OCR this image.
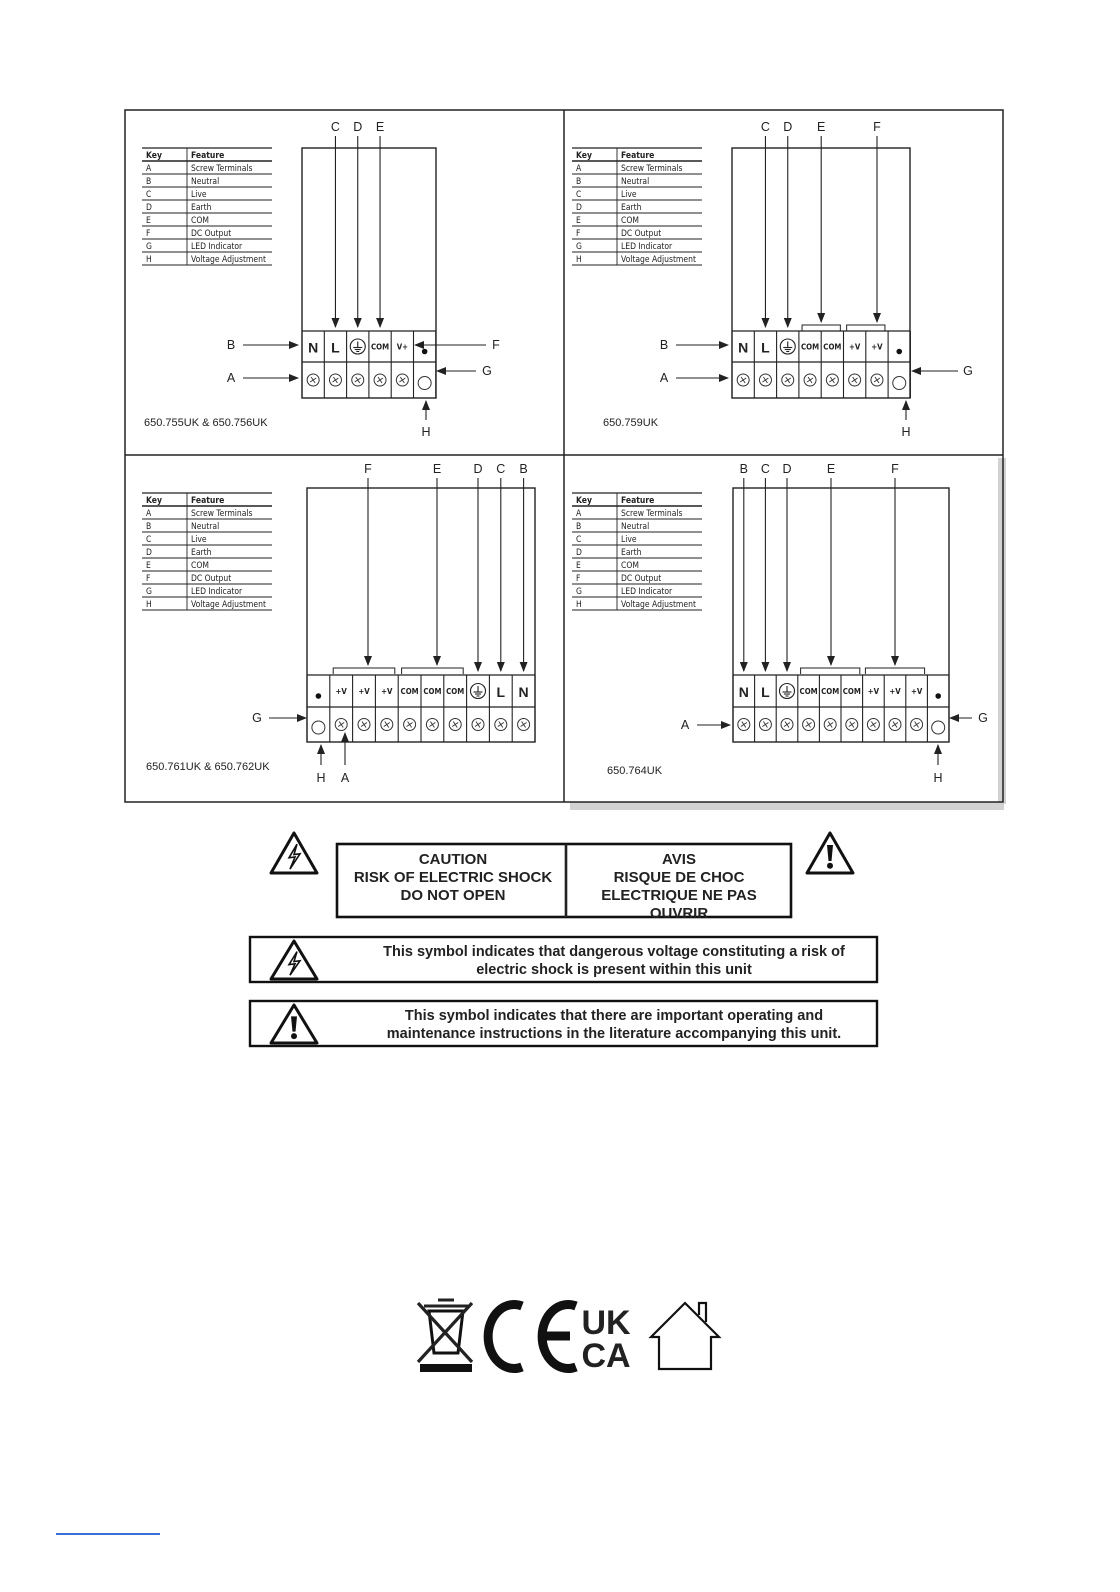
Key	Feature
A	Screw Terminals
B	Neutral
C	Live
D	Earth
E	COM
F	DC Output
G	LED Indicator
H	Voltage Adjustment
N L	COM V+
C D E
B
A
F
G
H
650.755UK & 650.756UK
Key	Feature
A	Screw Terminals
B	Neutral
C	Live
D	Earth
E	COM
F	DC Output
G	LED Indicator
H	Voltage Adjustment
N L	COM COM +V +V
C D E	F
B
A	G
H
650.759UK
Key	Feature
A	Screw Terminals
B	Neutral
C	Live
D	Earth
E	COM
F	DC Output
G	LED Indicator
H	Voltage Adjustment
+V +V +V COM COM COM L N
F	E	D C B
G
H A
650.761UK & 650.762UK
Key	Feature
A	Screw Terminals
B	Neutral
C	Live
D	Earth
E	COM
F	DC Output
G	LED Indicator
H	Voltage Adjustment
N L	COM COM COM +V +V +V
B C D	E	F
A	G
H
650.764UK
CAUTION
RISK OF ELECTRIC SHOCK
DO NOT OPEN
AVIS
RISQUE DE CHOC
ELECTRIQUE NE PAS
OUVRIR
This symbol indicates that dangerous voltage constituting a risk of
electric shock is present within this unit
This symbol indicates that there are important operating and
maintenance instructions in the literature accompanying this unit.
UK
CA
